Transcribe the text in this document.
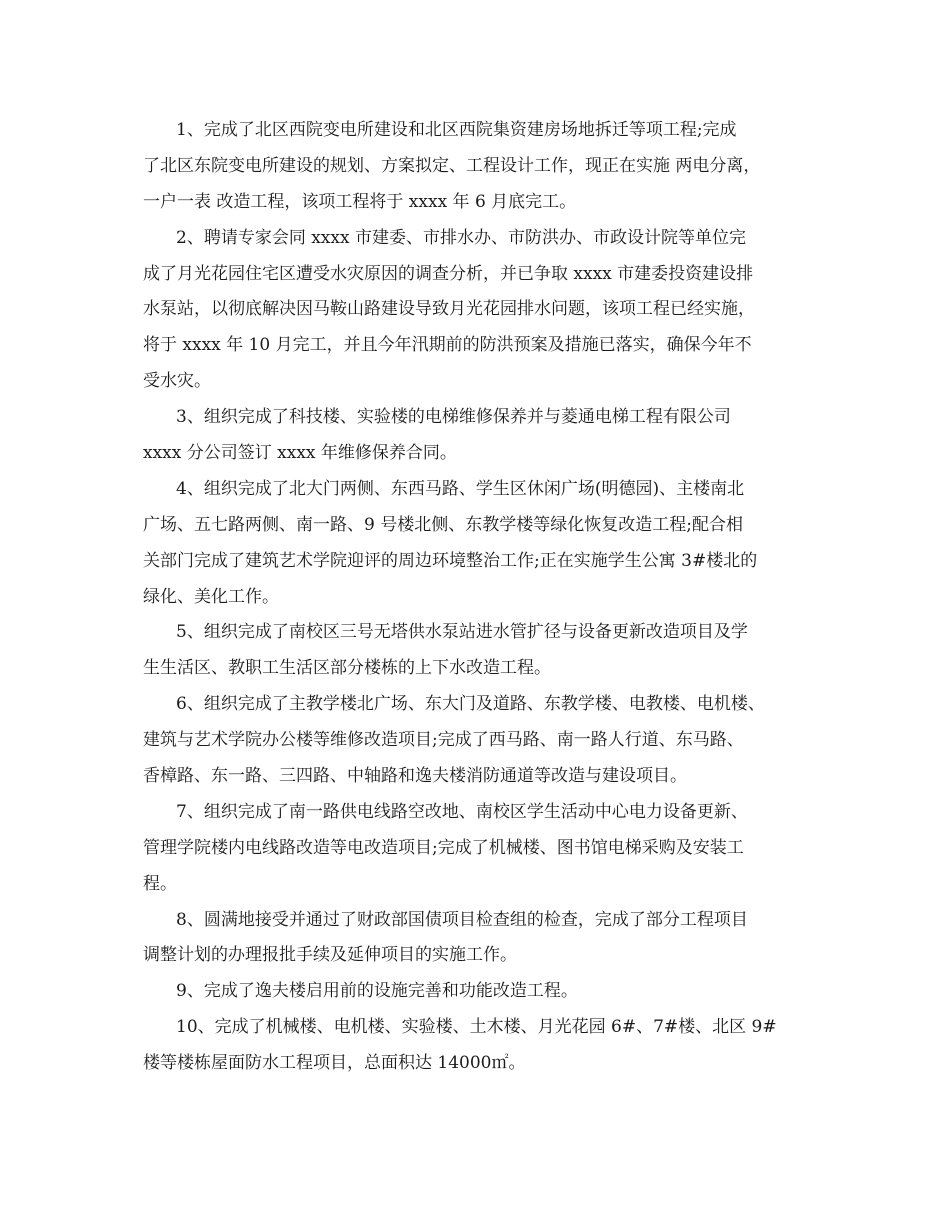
1、完成了北区西院变电所建设和北区西院集资建房场地拆迁等项工程;完成
了北区东院变电所建设的规划、方案拟定、工程设计工作，现正在实施 两电分离，
一户一表 改造工程，该项工程将于 xxxx 年 6 月底完工。
2、聘请专家会同 xxxx 市建委、市排水办、市防洪办、市政设计院等单位完
成了月光花园住宅区遭受水灾原因的调查分析，并已争取 xxxx 市建委投资建设排
水泵站，以彻底解决因马鞍山路建设导致月光花园排水问题，该项工程已经实施，
将于 xxxx 年 10 月完工，并且今年汛期前的防洪预案及措施已落实，确保今年不
受水灾。
3、组织完成了科技楼、实验楼的电梯维修保养并与菱通电梯工程有限公司
xxxx 分公司签订 xxxx 年维修保养合同。
4、组织完成了北大门两侧、东西马路、学生区休闲广场(明德园)、主楼南北
广场、五七路两侧、南一路、9 号楼北侧、东教学楼等绿化恢复改造工程;配合相
关部门完成了建筑艺术学院迎评的周边环境整治工作;正在实施学生公寓 3#楼北的
绿化、美化工作。
5、组织完成了南校区三号无塔供水泵站进水管扩径与设备更新改造项目及学
生生活区、教职工生活区部分楼栋的上下水改造工程。
6、组织完成了主教学楼北广场、东大门及道路、东教学楼、电教楼、电机楼、
建筑与艺术学院办公楼等维修改造项目;完成了西马路、南一路人行道、东马路、
香樟路、东一路、三四路、中轴路和逸夫楼消防通道等改造与建设项目。
7、组织完成了南一路供电线路空改地、南校区学生活动中心电力设备更新、
管理学院楼内电线路改造等电改造项目;完成了机械楼、图书馆电梯采购及安装工
程。
8、圆满地接受并通过了财政部国债项目检查组的检查，完成了部分工程项目
调整计划的办理报批手续及延伸项目的实施工作。
9、完成了逸夫楼启用前的设施完善和功能改造工程。
10、完成了机械楼、电机楼、实验楼、土木楼、月光花园 6#、7#楼、北区 9#
楼等楼栋屋面防水工程项目，总面积达 14000㎡。
